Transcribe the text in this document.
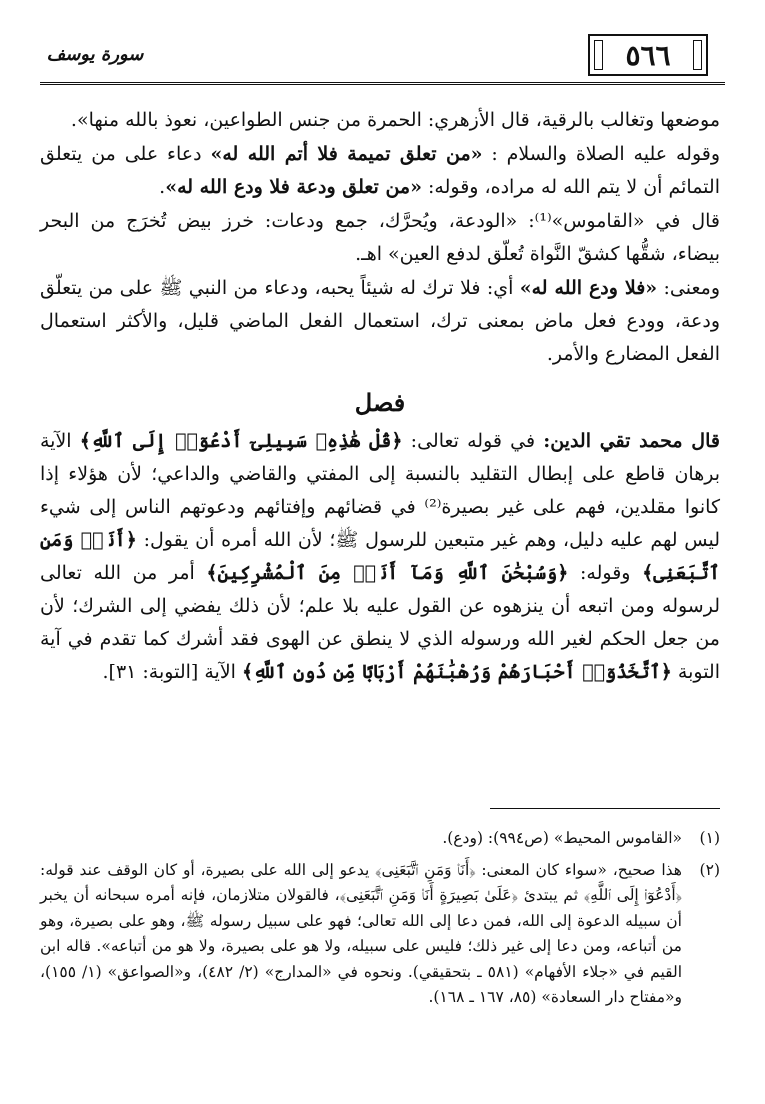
٥٦٦
سورة يوسف

موضعها وتغالب بالرقية، قال الأزهري: الحمرة من جنس الطواعين، نعوذ بالله منها».

وقوله عليه الصلاة والسلام : «من تعلق تميمة فلا أتم الله له» دعاء على من يتعلق التمائم أن لا يتم الله له مراده، وقوله: «من تعلق ودعة فلا ودع الله له».

قال في «القاموس»⁽¹⁾: «الودعة، ويُحرَّك، جمع ودعات: خرز بيض تُخرَج من البحر بيضاء، شقُّها كشقّ النَّواة تُعلّق لدفع العين» اهـ.

ومعنى: «فلا ودع الله له» أي: فلا ترك له شيئاً يحبه، ودعاء من النبي ﷺ على من يتعلّق ودعة، وودع فعل ماض بمعنى ترك، استعمال الفعل الماضي قليل، والأكثر استعمال الفعل المضارع والأمر.

فصل

قال محمد تقي الدين: في قوله تعالى: ﴿قُلْ هَٰذِهِۦ سَبِيلِىٓ أَدْعُوٓا۟ إِلَى ٱللَّهِ﴾ الآية برهان قاطع على إبطال التقليد بالنسبة إلى المفتي والقاضي والداعي؛ لأن هؤلاء إذا كانوا مقلدين، فهم على غير بصيرة⁽²⁾ في قضائهم وإفتائهم ودعوتهم الناس إلى شيء ليس لهم عليه دليل، وهم غير متبعين للرسول ﷺ؛ لأن الله أمره أن يقول: ﴿أَنَا۠ وَمَنِ ٱتَّبَعَنِى﴾ وقوله: ﴿وَسُبْحَٰنَ ٱللَّهِ وَمَآ أَنَا۠ مِنَ ٱلْمُشْرِكِينَ﴾ أمر من الله تعالى لرسوله ومن اتبعه أن ينزهوه عن القول عليه بلا علم؛ لأن ذلك يفضي إلى الشرك؛ لأن من جعل الحكم لغير الله ورسوله الذي لا ينطق عن الهوى فقد أشرك كما تقدم في آية التوبة ﴿ٱتَّخَذُوٓا۟ أَحْبَارَهُمْ وَرُهْبَٰنَهُمْ أَرْبَابًا مِّن دُونِ ٱللَّهِ﴾ الآية [التوبة: ٣١].

(١)
«القاموس المحيط» (ص٩٩٤): (ودع).
(٢)
هذا صحيح، «سواء كان المعنى: ﴿أَنَا۠ وَمَنِ ٱتَّبَعَنِى﴾ يدعو إلى الله على بصيرة، أو كان الوقف عند قوله: ﴿أَدْعُوٓا۟ إِلَى ٱللَّهِ﴾ ثم يبتدئ ﴿عَلَىٰ بَصِيرَةٍ أَنَا۠ وَمَنِ ٱتَّبَعَنِى﴾، فالقولان متلازمان، فإنه أمره سبحانه أن يخبر أن سبيله الدعوة إلى الله، فمن دعا إلى الله تعالى؛ فهو على سبيل رسوله ﷺ، وهو على بصيرة، وهو من أتباعه، ومن دعا إلى غير ذلك؛ فليس على سبيله، ولا هو على بصيرة، ولا هو من أتباعه». قاله ابن القيم في «جلاء الأفهام» (٥٨١ ـ بتحقيقي). ونحوه في «المدارج» (٢/ ٤٨٢)، و«الصواعق» (١/ ١٥٥)، و«مفتاح دار السعادة» (٨٥، ١٦٧ ـ ١٦٨).
